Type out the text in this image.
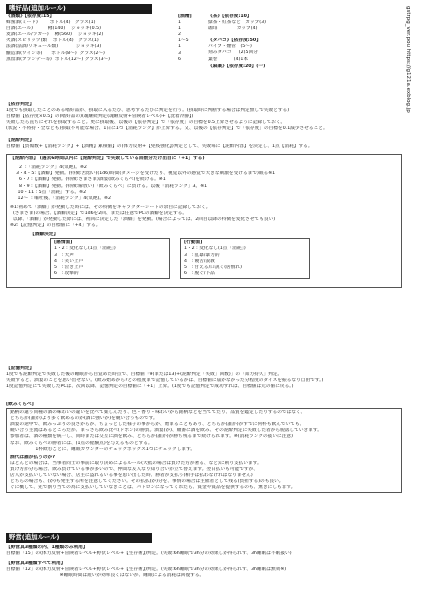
嗜好品(追加ルール)
《酒類》【依存度:15】
蜂蜜酒(ミード)        ボトル(4)   グラス(1)
白酒(エール)          樽(140)    ジョッキ(0.5)
麦酒(エール/ラガー)    樽(560)    ジョッキ(2)
火酒(スピリッツ)類    ボトル(4)   グラス(1)
法酒(法酒/リキュール類)            ジョッキ(3)
醸造酒(ワイン等)      ボトル(8〜)  グラス(2〜)
蒸留酒(ブランデー等)  ボトル(12〜) グラス(3〜)
[酒精]
1
1
2
1〜5
1
3
6
《茶》【依存度:10】
緑茶・紅茶など   カップ(3)
珈琲             カップ(4)
《タバコ》【依存度:50】
パイプ・煙管   (5〜)
刻みタバコ     (2)5回分
葉巻           (4)1本
《麻薬》【依存度:20】(一)
【依存判定】
1度でも摂取したことのある嗜好品が、摂取に入るたび、思考するたびに判定を行う。(摂取時に判断する場合は判定無しで失敗とする)
目標値【依存度×0.5】の(嗜好品の)(魂継続判定(魂継反射+冒険者レベル)+【沈着冷静】)
失敗したら直ちにそれを摂取すること。更に摂取後、以後の【依存判定】で「依存度」の目標を0.5上昇させるように記録しておく。
(状況・不将持・全なども)摂取不可能な場合、1日に1つ【消耗ランク】が上昇する。又、以後の【依存判定】で「依存度」の目標を0.1減少させること。
【泥酔判定】
目標値【負傷数+【消耗ランク】+【酒精】累積値】の(体力反射+【免疫強化】)判定として、失敗毎に【泥酔内容】を決定し、1点【消耗】する。
【泥酔内容】 (過去6時間以内に【泥酔判定】で失敗している回数分だけ出目に「+1」する)
2  :「消耗ランク」4(気絶)。※2
3・4・5:【酒癖】発動。(特徴:苦悶い)(1d6)時間(ダメージを受けたり、視覚以外の感覚で大きな刺激を受けるまで)眠る※1
6・7 :【酒癖】発動。(特徴:さまざま)酒宴(飲みくらべ)を続ける。※1
8・9 :【酒癖】発動。(特徴:解放い)「飲みくらべ」に負ける。以後「消耗ランク」3。※1
10・11 : 5点「消耗」する。※2
12〜  : 嘔吐後、「消耗ランク」4(気絶)。※2
※1:初めて「酒癖」が発動した時には、その特徴をキャラクターシートの余白に記録しておく。
(さまざま)の場合、【酒癖決定】で1d6を2回、または任意でPCの酒癖を決定する。
以降、「酒癖」が発動した際には、初回に決定した「酒癖」を発動。(場合によっては、2回目以降の特徴を変化させても良い)
※2:【記憶判定】の目標値に「+4」する。
【酒癖決定】
[感情面]
1・2 : 変化なし(1点「消耗」)
3   : 大声
4   : 笑い上戸
5   : 泣き上戸
6   : 攻撃的
[行動面]
1・2 : 変化なし(1点「消耗」)
3   : 乱暴/暴力的
4   : 饒舌/説教
5   : 甘える/口説く(居慣れ)
6   : 脱ぐ/下品
【記憶判定】
1度でも泥酔判定で失敗した後の睡眠から目覚めた時点で、目標値「9(または13)+(泥酔判定「失敗」回数)」の「知力持久」判定。
失敗すると、酒宴のことを思い出せない。(飲み始めから?どの程度まで記憶しているかは、目標値に届かなかった分程度のダイスを振るなり自由です。)
1度記憶判定にて失敗したPCは、次回以降、記憶判定の目標値に「+1」上昇。(1度でも記憶判定で成功すれば、目標値は元の値に戻る。)
[飲みくらべ]
銘柄の違う同種の酒の味わいの違いを比べて楽しんだり、色・香り・味わいから銘柄などを当ててたり、品質を鑑定したりするのではなく、
どちらが(誰が)より多く飲めるのか(酒に強いか)を競い合うものです。
酒宴の途中で、飲みっぷりの良さからか、ちょっとした様子の事からか、始まることもあり、どちらか(誰か)がすでに何杯も飲んでいても、
競い合う主流はあるところだが、まっさら飲み比べ(ドボン)の勝負。酒宴(か)、順番に酒を飲み、その泥酔判定に失敗した者から脱落していきます。
参加者は、酒の種類を統一し、同時または交互に酒を飲み、どちらか(誰か)が勝ち残るまで続けられます。※(消耗ランクの扱いに注意)
なお、飲みくらべの勝者には、(1点の経験点)を与えるものとする。
1杯飲むごとに、睡眠カウンターのチェックボックス1つにチェックします。
酒代は誰が払うのか?
ほとんどの場合は、当事者同士の事前に取り決めによるルール(大抵の場合は負けた方が奢る、など)に則り支払います。
負け方が分ら場合、飲み負けている事が多いので、仲間な友人なり知り合いが立て替えます。翌日払いも可能ですが、
店人が支払いしていない場合、店主に盗れるいる事を思い出した時、勝者が支払う(相手は払わなければなりません)
どちらの場合も、(か)も発生する所を注意してください。その払払(か)分を、事情の場合は主催者として残る(負担する)のも良い。
ぐに概して、先で割り当ての為に支払いしていなきことは、パトロンになってくれたら、賞金や賞品を提供するのも、無きにしも非ず。
野営(追加ルール)
【野営具3種類の内、1種類のみ利用】
目標値「15」の(体力反射+冒険者レベル+野伏レベル+【生存術】)判定。(失敗:6h睡眠で3h分の効果しか得られず、3h睡眠は不眠扱い)
【野営具3種類すべて利用】
目標値「12」の(体力反射+冒険者レベル+野伏レベル+【生存術】)判定。(失敗:6h睡眠で3h分の効果しか得られず、3h睡眠は無効※)
※睡眠時間は短いが効率良くはないが、睡眠による消耗は回復する。
gstrpg_ver.pou https://g121a.exblog.jp
